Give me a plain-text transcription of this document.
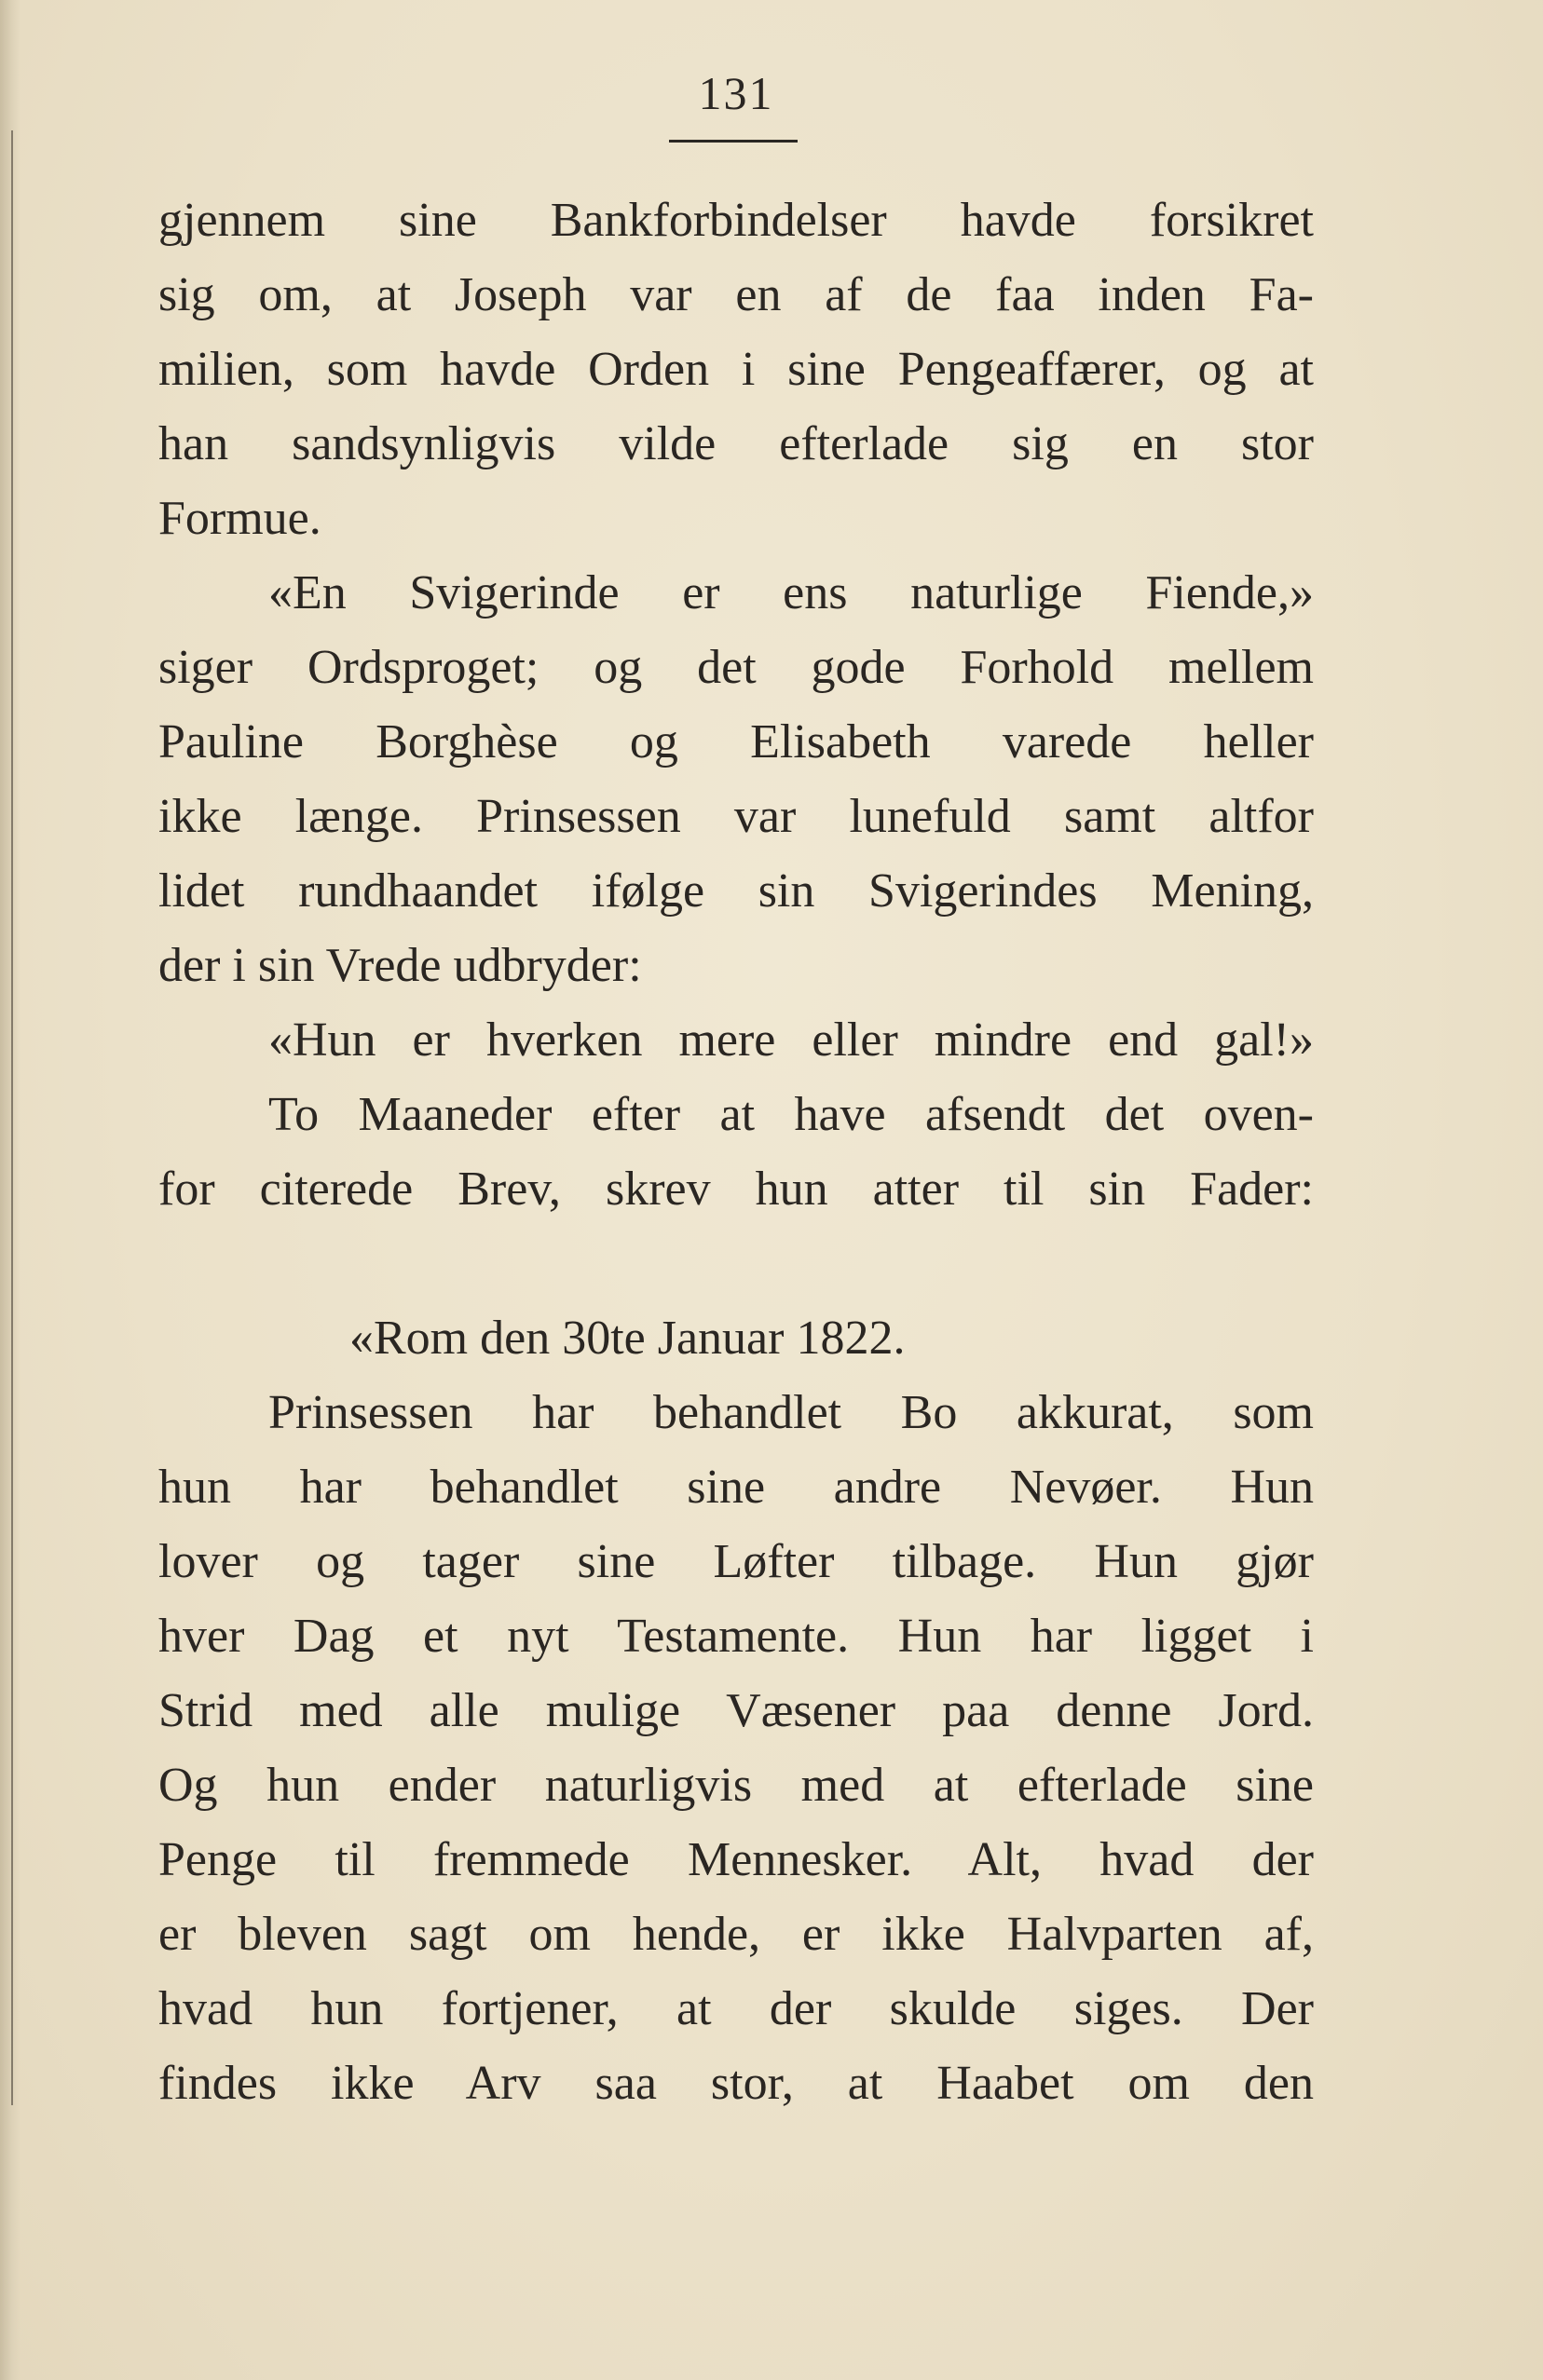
131
gjennem sine Bankforbindelser havde forsikret
sig om, at Joseph var en af de faa inden Fa-
milien, som havde Orden i sine Pengeaffærer, og at
han sandsynligvis vilde efterlade sig en stor
Formue.
«En Svigerinde er ens naturlige Fiende,»
siger Ordsproget; og det gode Forhold mellem
Pauline Borghèse og Elisabeth varede heller
ikke længe. Prinsessen var lunefuld samt altfor
lidet rundhaandet ifølge sin Svigerindes Mening,
der i sin Vrede udbryder:
«Hun er hverken mere eller mindre end gal!»
To Maaneder efter at have afsendt det oven-
for citerede Brev, skrev hun atter til sin Fader:
«Rom den 30te Januar 1822.
Prinsessen har behandlet Bo akkurat, som
hun har behandlet sine andre Nevøer. Hun
lover og tager sine Løfter tilbage. Hun gjør
hver Dag et nyt Testamente. Hun har ligget i
Strid med alle mulige Væsener paa denne Jord.
Og hun ender naturligvis med at efterlade sine
Penge til fremmede Mennesker. Alt, hvad der
er bleven sagt om hende, er ikke Halvparten af,
hvad hun fortjener, at der skulde siges. Der
findes ikke Arv saa stor, at Haabet om den
